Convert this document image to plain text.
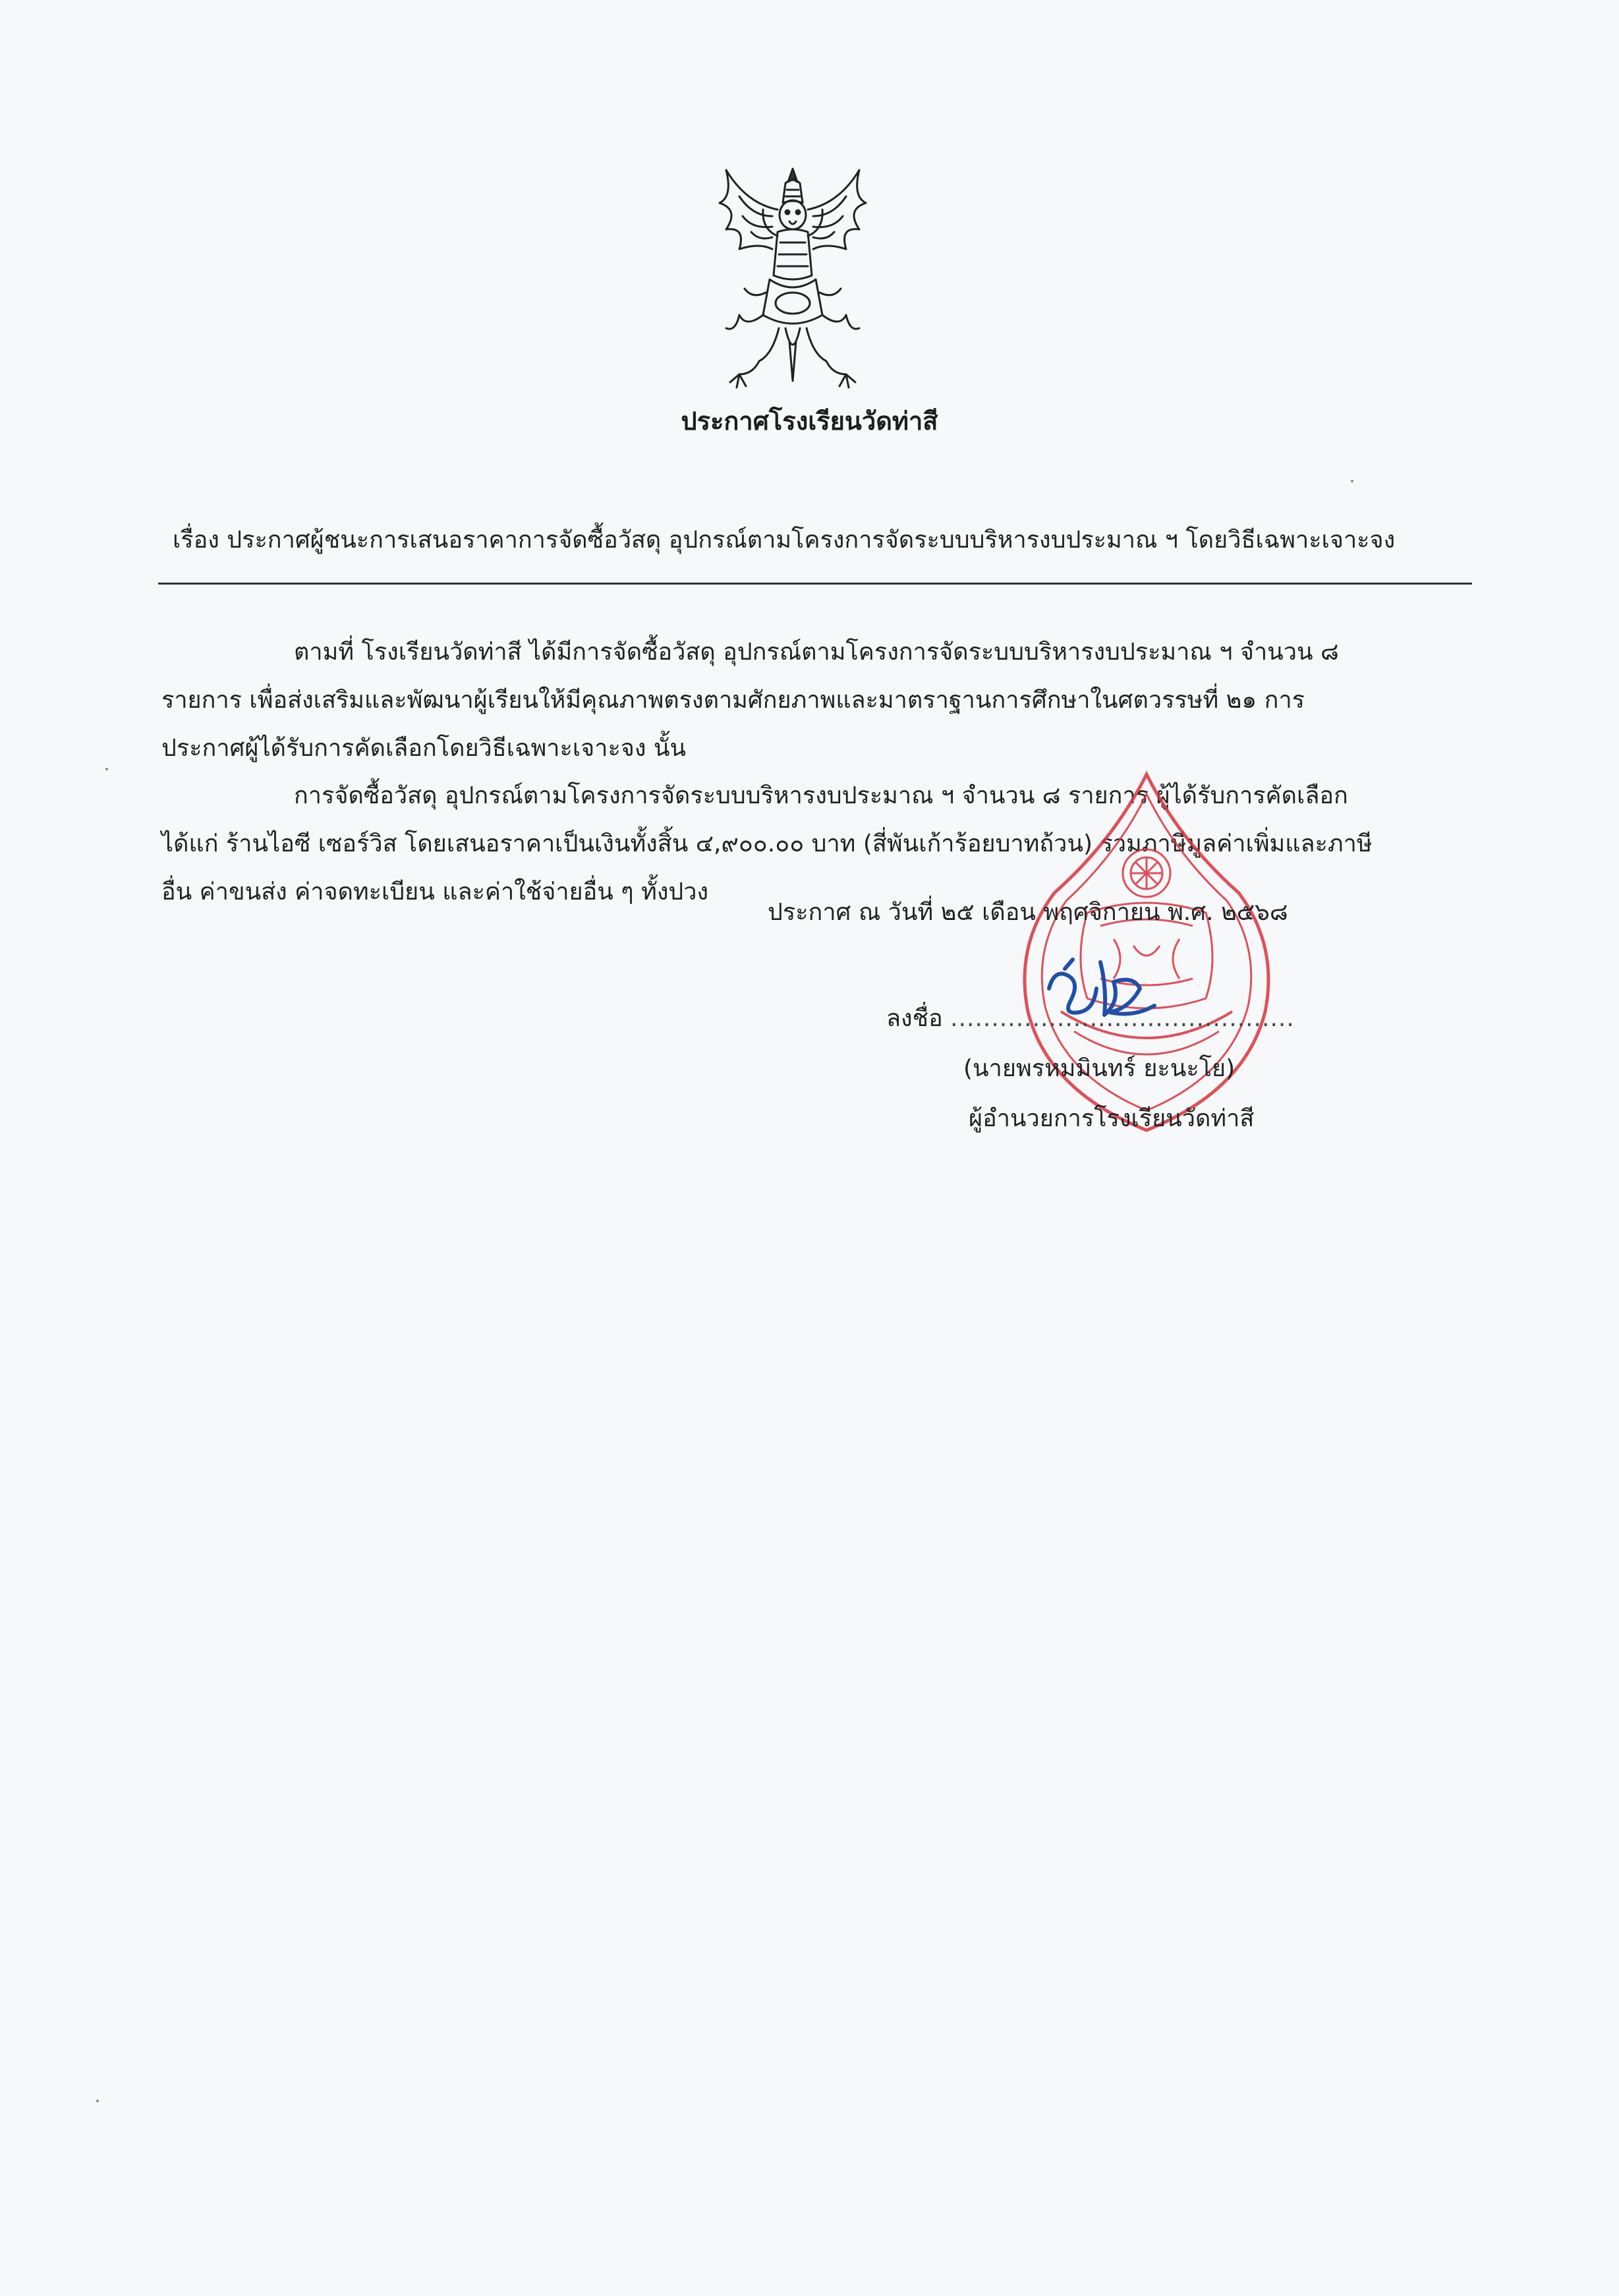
ประกาศโรงเรียนวัดท่าสี
เรื่อง ประกาศผู้ชนะการเสนอราคาการจัดซื้อวัสดุ อุปกรณ์ตามโครงการจัดระบบบริหารงบประมาณ ฯ โดยวิธีเฉพาะเจาะจง
ตามที่ โรงเรียนวัดท่าสี ได้มีการจัดซื้อวัสดุ อุปกรณ์ตามโครงการจัดระบบบริหารงบประมาณ ฯ จำนวน ๘
รายการ เพื่อส่งเสริมและพัฒนาผู้เรียนให้มีคุณภาพตรงตามศักยภาพและมาตราฐานการศึกษาในศตวรรษที่ ๒๑ การ
ประกาศผู้ได้รับการคัดเลือกโดยวิธีเฉพาะเจาะจง นั้น
การจัดซื้อวัสดุ อุปกรณ์ตามโครงการจัดระบบบริหารงบประมาณ ฯ จำนวน ๘ รายการ ผู้ได้รับการคัดเลือก
ได้แก่ ร้านไอซี เซอร์วิส โดยเสนอราคาเป็นเงินทั้งสิ้น ๔,๙๐๐.๐๐ บาท (สี่พันเก้าร้อยบาทถ้วน) รวมภาษีมูลค่าเพิ่มและภาษี
อื่น ค่าขนส่ง ค่าจดทะเบียน และค่าใช้จ่ายอื่น ๆ ทั้งปวง
ประกาศ ณ วันที่ ๒๕ เดือน พฤศจิกายน พ.ศ. ๒๕๖๘
ลงชื่อ ..........................................
(นายพรหมมินทร์ ยะนะโย)
ผู้อำนวยการโรงเรียนวัดท่าสี
